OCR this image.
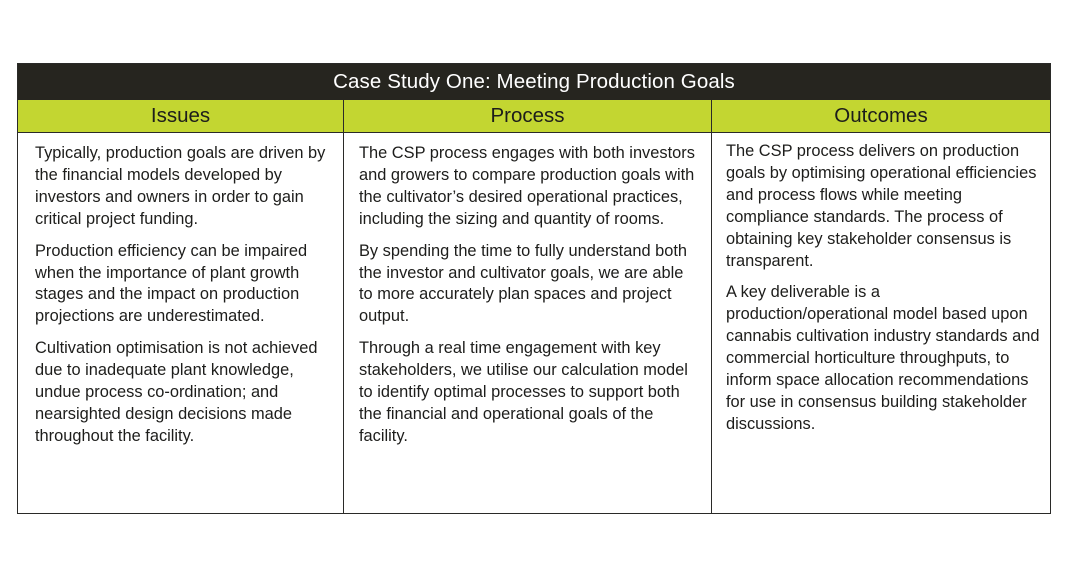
Case Study One: Meeting Production Goals
Issues	Process	Outcomes

Typically, production goals are driven by the financial models developed by investors and owners in order to gain critical project funding.

Production efficiency can be impaired when the importance of plant growth stages and the impact on production projections are underestimated.

Cultivation optimisation is not achieved due to inadequate plant knowledge, undue process co-ordination; and nearsighted design decisions made throughout the facility.

The CSP process engages with both investors and growers to compare production goals with the cultivator’s desired operational practices, including the sizing and quantity of rooms.

By spending the time to fully understand both the investor and cultivator goals, we are able to more accurately plan spaces and project output.

Through a real time engagement with key stakeholders, we utilise our calculation model to identify optimal processes to support both the financial and operational goals of the facility.

The CSP process delivers on production goals by optimising operational efficiencies and process flows while meeting compliance standards. The process of obtaining key stakeholder consensus is transparent.

A key deliverable is a production/operational model based upon cannabis cultivation industry standards and commercial horticulture throughputs, to inform space allocation recommendations for use in consensus building stakeholder discussions.
